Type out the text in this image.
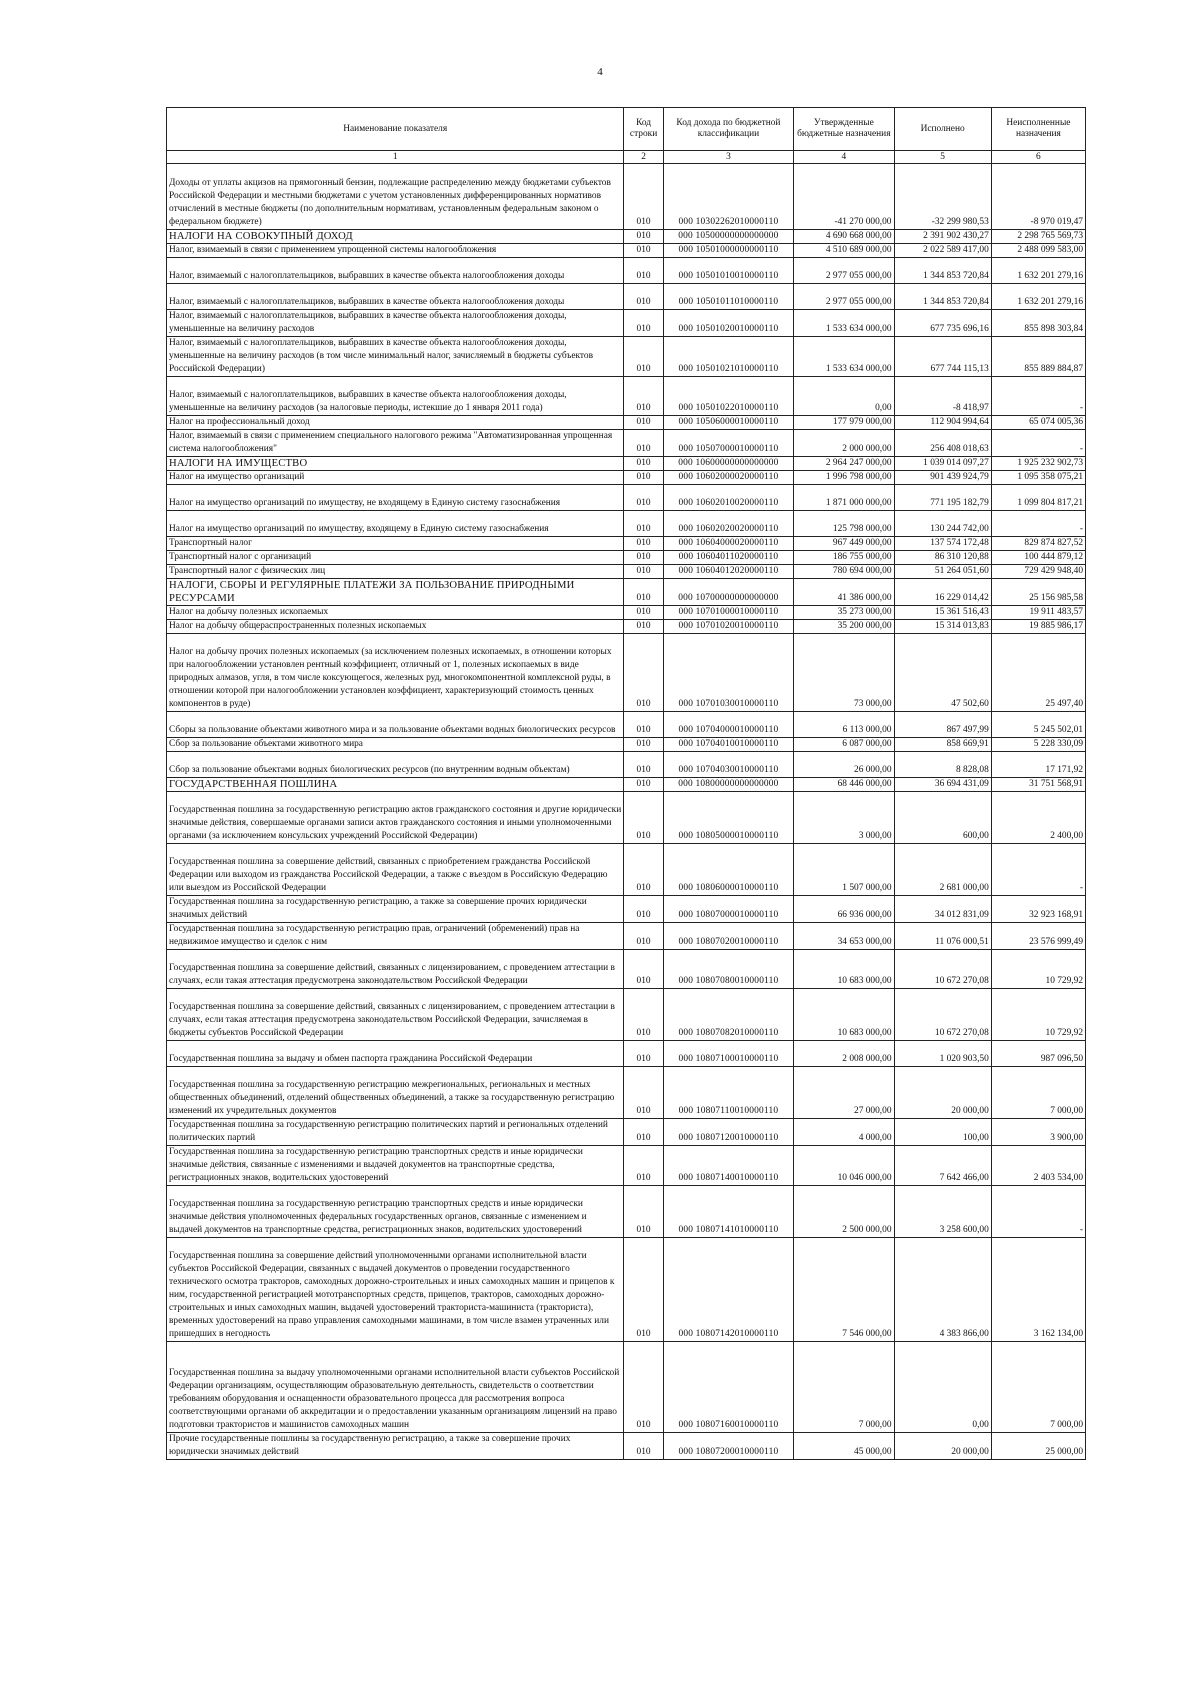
4
Наименование показателя	Код строки	Код дохода по бюджетной классификации	Утвержденные бюджетные назначения	Исполнено	Неисполненные назначения
1	2	3	4	5	6
Доходы от уплаты акцизов на прямогонный бензин, подлежащие распределению между бюджетами субъектов Российской Федерации и местными бюджетами с учетом установленных дифференцированных нормативов отчислений в местные бюджеты (по дополнительным нормативам, установленным федеральным законом о федеральном бюджете)	010	000 10302262010000110	-41 270 000,00	-32 299 980,53	-8 970 019,47
НАЛОГИ НА СОВОКУПНЫЙ ДОХОД	010	000 10500000000000000	4 690 668 000,00	2 391 902 430,27	2 298 765 569,73
Налог, взимаемый в связи с применением упрощенной системы налогообложения	010	000 10501000000000110	4 510 689 000,00	2 022 589 417,00	2 488 099 583,00
Налог, взимаемый с налогоплательщиков, выбравших в качестве объекта налогообложения доходы	010	000 10501010010000110	2 977 055 000,00	1 344 853 720,84	1 632 201 279,16
Налог, взимаемый с налогоплательщиков, выбравших в качестве объекта налогообложения доходы	010	000 10501011010000110	2 977 055 000,00	1 344 853 720,84	1 632 201 279,16
Налог, взимаемый с налогоплательщиков, выбравших в качестве объекта налогообложения доходы, уменьшенные на величину расходов	010	000 10501020010000110	1 533 634 000,00	677 735 696,16	855 898 303,84
Налог, взимаемый с налогоплательщиков, выбравших в качестве объекта налогообложения доходы, уменьшенные на величину расходов (в том числе минимальный налог, зачисляемый в бюджеты субъектов Российской Федерации)	010	000 10501021010000110	1 533 634 000,00	677 744 115,13	855 889 884,87
Налог, взимаемый с налогоплательщиков, выбравших в качестве объекта налогообложения доходы, уменьшенные на величину расходов (за налоговые периоды, истекшие до 1 января 2011 года)	010	000 10501022010000110	0,00	-8 418,97	-
Налог на профессиональный доход	010	000 10506000010000110	177 979 000,00	112 904 994,64	65 074 005,36
Налог, взимаемый в связи с применением специального налогового режима "Автоматизированная упрощенная система налогообложения"	010	000 10507000010000110	2 000 000,00	256 408 018,63	-
НАЛОГИ НА ИМУЩЕСТВО	010	000 10600000000000000	2 964 247 000,00	1 039 014 097,27	1 925 232 902,73
Налог на имущество организаций	010	000 10602000020000110	1 996 798 000,00	901 439 924,79	1 095 358 075,21
Налог на имущество организаций по имуществу, не входящему в Единую систему газоснабжения	010	000 10602010020000110	1 871 000 000,00	771 195 182,79	1 099 804 817,21
Налог на имущество организаций по имуществу, входящему в Единую систему газоснабжения	010	000 10602020020000110	125 798 000,00	130 244 742,00	-
Транспортный налог	010	000 10604000020000110	967 449 000,00	137 574 172,48	829 874 827,52
Транспортный налог с организаций	010	000 10604011020000110	186 755 000,00	86 310 120,88	100 444 879,12
Транспортный налог с физических лиц	010	000 10604012020000110	780 694 000,00	51 264 051,60	729 429 948,40
НАЛОГИ, СБОРЫ И РЕГУЛЯРНЫЕ ПЛАТЕЖИ ЗА ПОЛЬЗОВАНИЕ ПРИРОДНЫМИ РЕСУРСАМИ	010	000 10700000000000000	41 386 000,00	16 229 014,42	25 156 985,58
Налог на добычу полезных ископаемых	010	000 10701000010000110	35 273 000,00	15 361 516,43	19 911 483,57
Налог на добычу общераспространенных полезных ископаемых	010	000 10701020010000110	35 200 000,00	15 314 013,83	19 885 986,17
Налог на добычу прочих полезных ископаемых (за исключением полезных ископаемых, в отношении которых при налогообложении установлен рентный коэффициент, отличный от 1, полезных ископаемых в виде природных алмазов, угля, в том числе коксующегося, железных руд, многокомпонентной комплексной руды, в отношении которой при налогообложении установлен коэффициент, характеризующий стоимость ценных компонентов в руде)	010	000 10701030010000110	73 000,00	47 502,60	25 497,40
Сборы за пользование объектами животного мира и за пользование объектами водных биологических ресурсов	010	000 10704000010000110	6 113 000,00	867 497,99	5 245 502,01
Сбор за пользование объектами животного мира	010	000 10704010010000110	6 087 000,00	858 669,91	5 228 330,09
Сбор за пользование объектами водных биологических ресурсов (по внутренним водным объектам)	010	000 10704030010000110	26 000,00	8 828,08	17 171,92
ГОСУДАРСТВЕННАЯ ПОШЛИНА	010	000 10800000000000000	68 446 000,00	36 694 431,09	31 751 568,91
Государственная пошлина за государственную регистрацию актов гражданского состояния и другие юридически значимые действия, совершаемые органами записи актов гражданского состояния и иными уполномоченными органами (за исключением консульских учреждений Российской Федерации)	010	000 10805000010000110	3 000,00	600,00	2 400,00
Государственная пошлина за совершение действий, связанных с приобретением гражданства Российской Федерации или выходом из гражданства Российской Федерации, а также с въездом в Российскую Федерацию или выездом из Российской Федерации	010	000 10806000010000110	1 507 000,00	2 681 000,00	-
Государственная пошлина за государственную регистрацию, а также за совершение прочих юридически значимых действий	010	000 10807000010000110	66 936 000,00	34 012 831,09	32 923 168,91
Государственная пошлина за государственную регистрацию прав, ограничений (обременений) прав на недвижимое имущество и сделок с ним	010	000 10807020010000110	34 653 000,00	11 076 000,51	23 576 999,49
Государственная пошлина за совершение действий, связанных с лицензированием, с проведением аттестации в случаях, если такая аттестация предусмотрена законодательством Российской Федерации	010	000 10807080010000110	10 683 000,00	10 672 270,08	10 729,92
Государственная пошлина за совершение действий, связанных с лицензированием, с проведением аттестации в случаях, если такая аттестация предусмотрена законодательством Российской Федерации, зачисляемая в бюджеты субъектов Российской Федерации	010	000 10807082010000110	10 683 000,00	10 672 270,08	10 729,92
Государственная пошлина за выдачу и обмен паспорта гражданина Российской Федерации	010	000 10807100010000110	2 008 000,00	1 020 903,50	987 096,50
Государственная пошлина за государственную регистрацию межрегиональных, региональных и местных общественных объединений, отделений общественных объединений, а также за государственную регистрацию изменений их учредительных документов	010	000 10807110010000110	27 000,00	20 000,00	7 000,00
Государственная пошлина за государственную регистрацию политических партий и региональных отделений политических партий	010	000 10807120010000110	4 000,00	100,00	3 900,00
Государственная пошлина за государственную регистрацию транспортных средств и иные юридически значимые действия, связанные с изменениями и выдачей документов на транспортные средства, регистрационных знаков, водительских удостоверений	010	000 10807140010000110	10 046 000,00	7 642 466,00	2 403 534,00
Государственная пошлина за государственную регистрацию транспортных средств и иные юридически значимые действия уполномоченных федеральных государственных органов, связанные с изменением и выдачей документов на транспортные средства, регистрационных знаков, водительских удостоверений	010	000 10807141010000110	2 500 000,00	3 258 600,00	-
Государственная пошлина за совершение действий уполномоченными органами исполнительной власти субъектов Российской Федерации, связанных с выдачей документов о проведении государственного технического осмотра тракторов, самоходных дорожно-строительных и иных самоходных машин и прицепов к ним, государственной регистрацией мототранспортных средств, прицепов, тракторов, самоходных дорожно-строительных и иных самоходных машин, выдачей удостоверений тракториста-машиниста (тракториста), временных удостоверений на право управления самоходными машинами, в том числе взамен утраченных или пришедших в негодность	010	000 10807142010000110	7 546 000,00	4 383 866,00	3 162 134,00
Государственная пошлина за выдачу уполномоченными органами исполнительной власти субъектов Российской Федерации организациям, осуществляющим образовательную деятельность, свидетельств о соответствии требованиям оборудования и оснащенности образовательного процесса для рассмотрения вопроса соответствующими органами об аккредитации и о предоставлении указанным организациям лицензий на право подготовки трактористов и машинистов самоходных машин	010	000 10807160010000110	7 000,00	0,00	7 000,00
Прочие государственные пошлины за государственную регистрацию, а также за совершение прочих юридически значимых действий	010	000 10807200010000110	45 000,00	20 000,00	25 000,00
